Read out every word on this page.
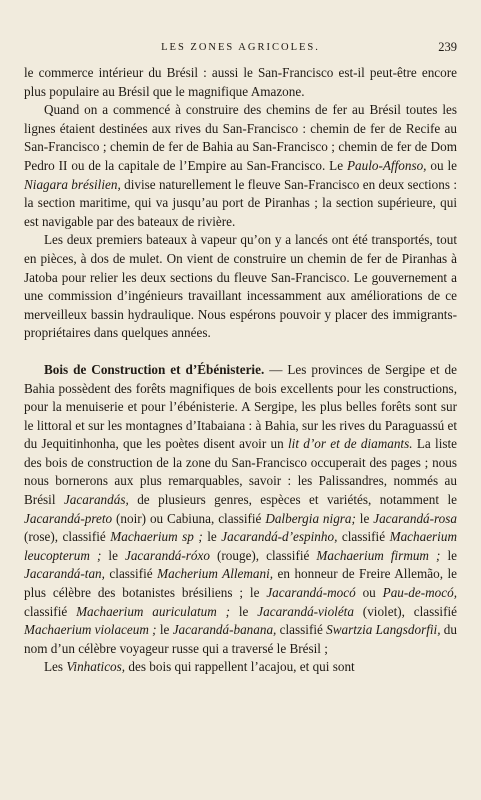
LES ZONES AGRICOLES.	239

le commerce intérieur du Brésil : aussi le San-Francisco est-il peut-être encore plus populaire au Brésil que le magnifique Amazone.

Quand on a commencé à construire des chemins de fer au Brésil toutes les lignes étaient destinées aux rives du San-Francisco : chemin de fer de Recife au San-Francisco ; chemin de fer de Bahia au San-Francisco ; chemin de fer de Dom Pedro II ou de la capitale de l’Empire au San-Francisco. Le Paulo-Affonso, ou le Niagara brésilien, divise naturellement le fleuve San-Francisco en deux sections : la section maritime, qui va jusqu’au port de Piranhas ; la section supérieure, qui est navigable par des bateaux de rivière.

Les deux premiers bateaux à vapeur qu’on y a lancés ont été transportés, tout en pièces, à dos de mulet. On vient de construire un chemin de fer de Piranhas à Jatoba pour relier les deux sections du fleuve San-Francisco. Le gouvernement a une commission d’ingénieurs travaillant incessamment aux améliorations de ce merveilleux bassin hydraulique. Nous espérons pouvoir y placer des immigrants-propriétaires dans quelques années.

Bois de Construction et d’Ébénisterie. — Les provinces de Sergipe et de Bahia possèdent des forêts magnifiques de bois excellents pour les constructions, pour la menuiserie et pour l’ébénisterie. A Sergipe, les plus belles forêts sont sur le littoral et sur les montagnes d’Itabaiana : à Bahia, sur les rives du Paraguassú et du Jequitinhonha, que les poètes disent avoir un lit d’or et de diamants. La liste des bois de construction de la zone du San-Francisco occuperait des pages ; nous nous bornerons aux plus remarquables, savoir : les Palissandres, nommés au Brésil Jacarandás, de plusieurs genres, espèces et variétés, notamment le Jacarandá-preto (noir) ou Cabiuna, classifié Dalbergia nigra; le Jacarandá-rosa (rose), classifié Machaerium sp ; le Jacarandá-d’espinho, classifié Machaerium leucopterum ; le Jacarandá-róxo (rouge), classifié Machaerium firmum ; le Jacarandá-tan, classifié Macherium Allemani, en honneur de Freire Allemão, le plus célèbre des botanistes brésiliens ; le Jacarandá-mocó ou Pau-de-mocó, classifié Machaerium auriculatum ; le Jacarandá-violéta (violet), classifié Machaerium violaceum ; le Jacarandá-banana, classifié Swartzia Langsdorfii, du nom d’un célèbre voyageur russe qui a traversé le Brésil ;

Les Vinhaticos, des bois qui rappellent l’acajou, et qui sont
